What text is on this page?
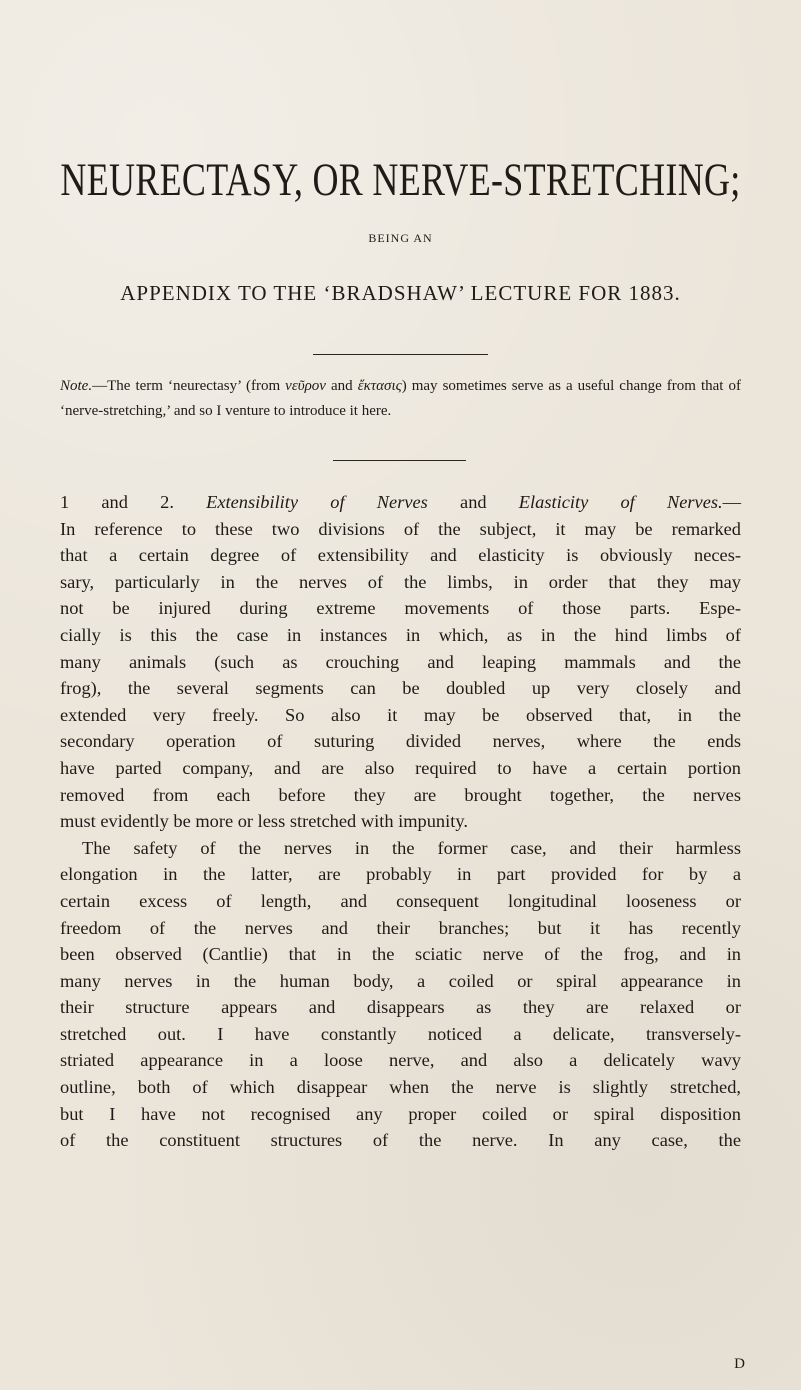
NEURECTASY, OR NERVE-STRETCHING;
BEING AN
APPENDIX TO THE ‘BRADSHAW’ LECTURE FOR 1883.
Note.—The term ‘neurectasy’ (from νεῦρον and ἔκτασις) may sometimes serve as a useful change from that of ‘nerve-stretching,’ and so I venture to introduce it here.
1 and 2. Extensibility of Nerves and Elasticity of Nerves.—
In reference to these two divisions of the subject, it may be remarked
that a certain degree of extensibility and elasticity is obviously neces-
sary, particularly in the nerves of the limbs, in order that they may
not be injured during extreme movements of those parts. Espe-
cially is this the case in instances in which, as in the hind limbs of
many animals (such as crouching and leaping mammals and the
frog), the several segments can be doubled up very closely and
extended very freely. So also it may be observed that, in the
secondary operation of suturing divided nerves, where the ends
have parted company, and are also required to have a certain portion
removed from each before they are brought together, the nerves
must evidently be more or less stretched with impunity.
The safety of the nerves in the former case, and their harmless
elongation in the latter, are probably in part provided for by a
certain excess of length, and consequent longitudinal looseness or
freedom of the nerves and their branches; but it has recently
been observed (Cantlie) that in the sciatic nerve of the frog, and in
many nerves in the human body, a coiled or spiral appearance in
their structure appears and disappears as they are relaxed or
stretched out. I have constantly noticed a delicate, transversely-
striated appearance in a loose nerve, and also a delicately wavy
outline, both of which disappear when the nerve is slightly stretched,
but I have not recognised any proper coiled or spiral disposition
of the constituent structures of the nerve. In any case, the
D
